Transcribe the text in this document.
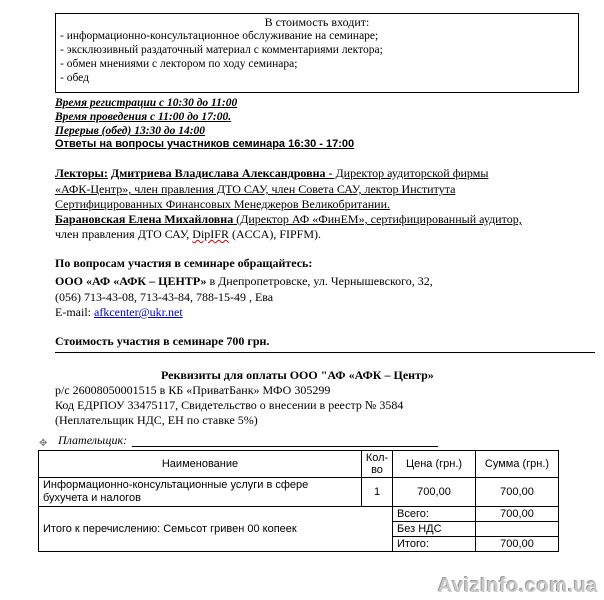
В стоимость входит:
- информационно-консультационное обслуживание на семинаре;
- эксклюзивный раздаточный материал с комментариями лектора;
- обмен мнениями с лектором по ходу семинара;
- обед
Время регистрации с 10:30 до 11:00
Время проведения с 11:00 до 17:00.
Перерыв (обед) 13:30 до 14:00
Ответы на вопросы участников семинара 16:30 - 17:00
Лекторы: Дмитриева Владислава Александровна - Директор аудиторской фирмы
«АФК-Центр», член правления ДТО САУ, член Совета САУ, лектор Института
Сертифицированных Финансовых Менеджеров Великобритании.
Барановская Елена Михайловна (Директор АФ «ФинЕМ», сертифицированный аудитор,
член правления ДТО САУ, DipIFR (ACCA), FIPFM).
По вопросам участия в семинаре обращайтесь:
ООО «АФ «АФК – ЦЕНТР» в Днепропетровске, ул. Чернышевского, 32,
(056) 713-43-08, 713-43-84, 788-15-49 , Ева
E-mail: afkcenter@ukr.net
Стоимость участия в семинаре 700 грн.
Реквизиты для оплаты ООО "АФ «АФК – Центр»
р/с 26008050001515 в КБ «ПриватБанк» МФО 305299
Код ЕДРПОУ 33475117, Свидетельство о внесении в реестр № 3584
(Неплательщик НДС, ЕН по ставке 5%)
✥ Плательщик:
Наименование	Кол-во	Цена (грн.)	Сумма (грн.)
Информационно-консультационные услуги в сфере бухучета и налогов	1	700,00	700,00
Итого к перечислению: Семьсот гривен 00 копеек		Всего:	700,00
		Без НДС	
		Итого:	700,00
AvizInfo.com.ua
